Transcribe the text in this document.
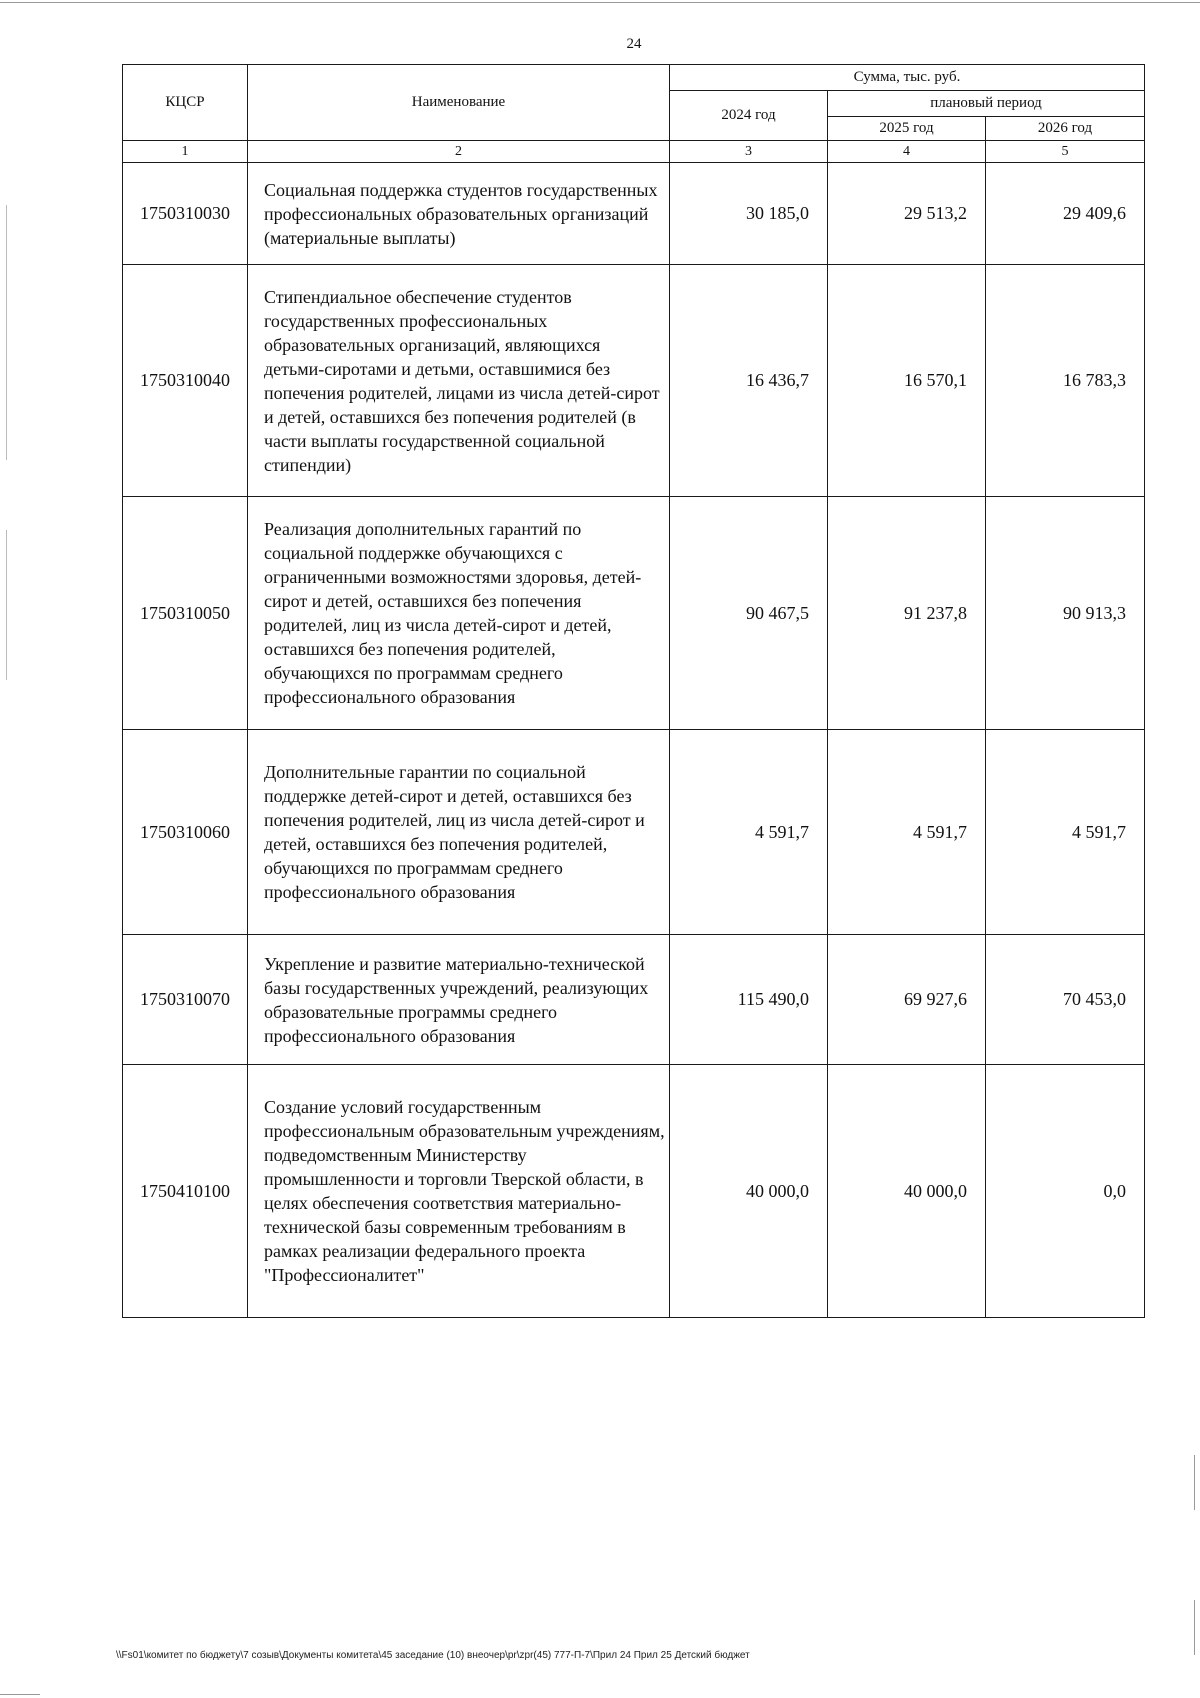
24
КЦСР	Наименование	Сумма, тыс. руб.		
		2024 год	плановый период	
			2025 год	2026 год
1	2	3	4	5
1750310030	Социальная поддержка студентов государственных профессиональных образовательных организаций (материальные выплаты)	30 185,0	29 513,2	29 409,6
1750310040	Стипендиальное обеспечение студентов государственных профессиональных образовательных организаций, являющихся детьми-сиротами и детьми, оставшимися без попечения родителей, лицами из числа детей-сирот и детей, оставшихся без попечения родителей (в части выплаты государственной социальной стипендии)	16 436,7	16 570,1	16 783,3
1750310050	Реализация дополнительных гарантий по социальной поддержке обучающихся с ограниченными возможностями здоровья, детей-сирот и детей, оставшихся без попечения родителей, лиц из числа детей-сирот и детей, оставшихся без попечения родителей, обучающихся по программам среднего профессионального образования	90 467,5	91 237,8	90 913,3
1750310060	Дополнительные гарантии по социальной поддержке детей-сирот и детей, оставшихся без попечения родителей, лиц из числа детей-сирот и детей, оставшихся без попечения родителей, обучающихся по программам среднего профессионального образования	4 591,7	4 591,7	4 591,7
1750310070	Укрепление и развитие материально-технической базы государственных учреждений, реализующих образовательные программы среднего профессионального образования	115 490,0	69 927,6	70 453,0
1750410100	Создание условий государственным профессиональным образовательным учреждениям, подведомственным Министерству промышленности и торговли Тверской области, в целях обеспечения соответствия материально-технической базы современным требованиям в рамках реализации федерального проекта "Профессионалитет"	40 000,0	40 000,0	0,0
\\Fs01\комитет по бюджету\7 созыв\Документы комитета\45 заседание (10) внеочер\pr\zpr(45) 777-П-7\Прил 24 Прил 25 Детский бюджет
